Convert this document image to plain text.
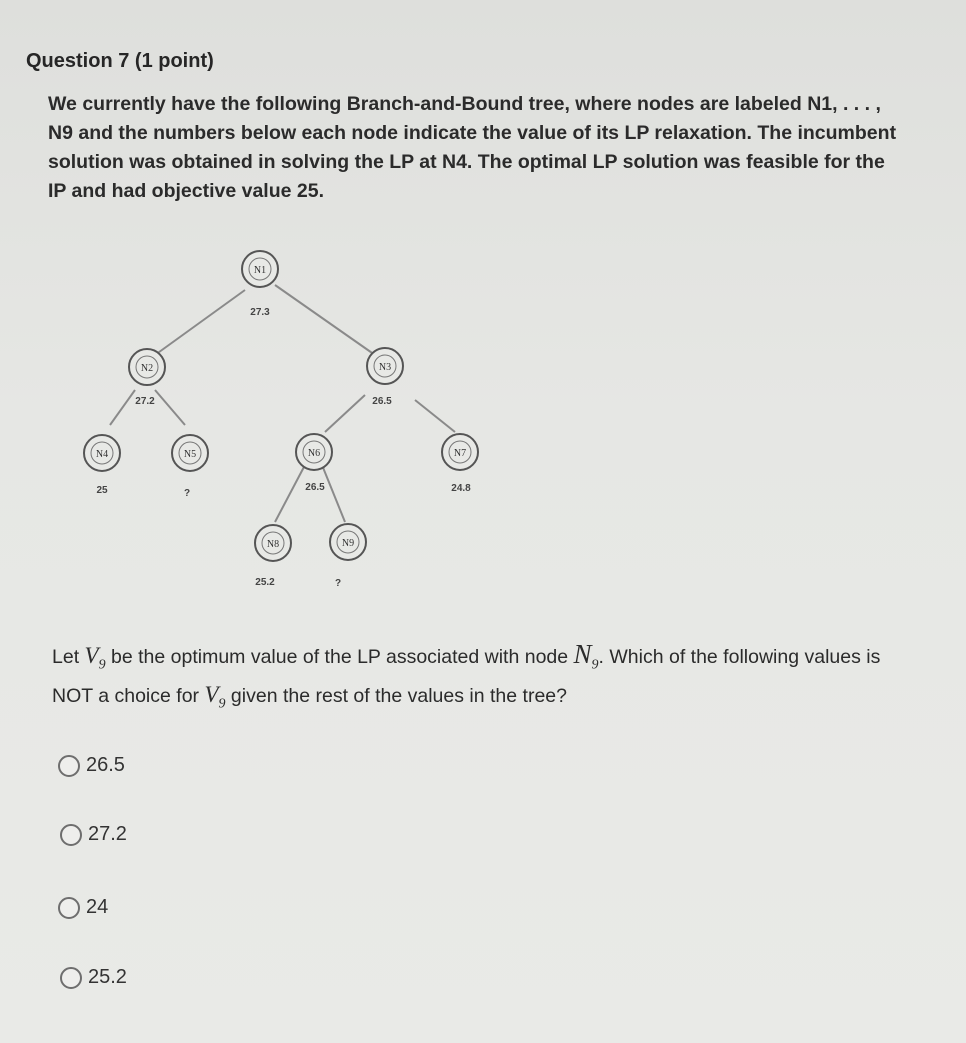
Question 7 (1 point)
We currently have the following Branch-and-Bound tree, where nodes are labeled N1, . . . , N9 and the numbers below each node indicate the value of its LP relaxation. The incumbent solution was obtained in solving the LP at N4. The optimal LP solution was feasible for the IP and had objective value 25.
N1
27.3
N2
27.2
N3
26.5
N4
25
N5
?
N6
26.5
N7
24.8
N8
25.2
N9
?
Let $V_9$ be the optimum value of the LP associated with node $N_9$. Which of the following values is NOT a choice for $V_9$ given the rest of the values in the tree?
26.5
27.2
24
25.2
